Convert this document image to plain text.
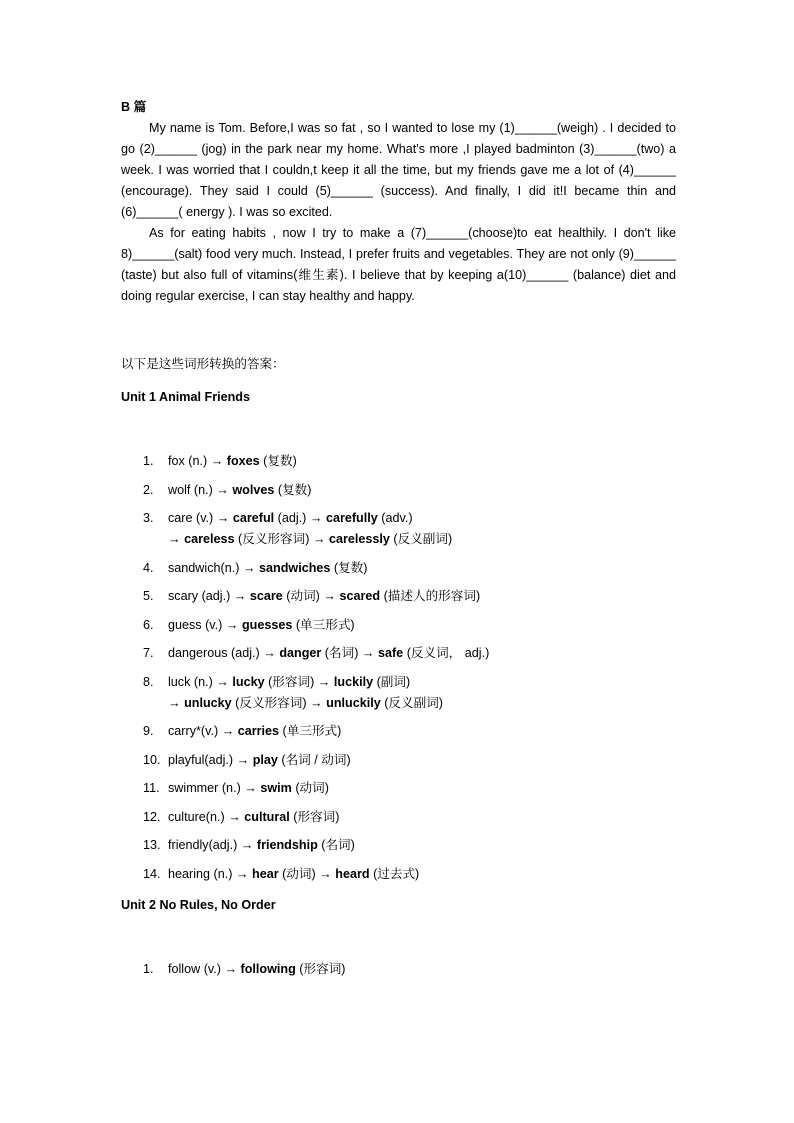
B 篇

My name is Tom. Before,I was so fat , so I wanted to lose my (1)______(weigh) . I decided to go (2)______ (jog) in the park near my home. What's more ,I played badminton (3)______(two) a week. I was worried that I couldn,t keep it all the time, but my friends gave me a lot of (4)______ (encourage). They said I could (5)______ (success). And finally, I did it!I became thin and (6)______( energy ). I was so excited.

As for eating habits , now I try to make a (7)______(choose)to eat healthily. I don't like 8)______(salt) food very much. Instead, I prefer fruits and vegetables. They are not only (9)______ (taste) but also full of vitamins(维生素). I believe that by keeping a(10)______ (balance) diet and doing regular exercise, I can stay healthy and happy.

以下是这些词形转换的答案：

Unit 1 Animal Friends

1. fox (n.) → foxes (复数)
2. wolf (n.) → wolves (复数)
3. care (v.) → careful (adj.) → carefully (adv.)
→ careless (反义形容词) → carelessly (反义副词)
4. sandwich(n.) → sandwiches (复数)
5. scary (adj.) → scare (动词) → scared (描述人的形容词)
6. guess (v.) → guesses (单三形式)
7. dangerous (adj.) → danger (名词) → safe (反义词， adj.)
8. luck (n.) → lucky (形容词) → luckily (副词)
→ unlucky (反义形容词) → unluckily (反义副词)
9. carry*(v.) → carries (单三形式)
10. playful(adj.) → play (名词 / 动词)
11. swimmer (n.) → swim (动词)
12. culture(n.) → cultural (形容词)
13. friendly(adj.) → friendship (名词)
14. hearing (n.) → hear (动词) → heard (过去式)

Unit 2 No Rules, No Order

1. follow (v.) → following (形容词)
